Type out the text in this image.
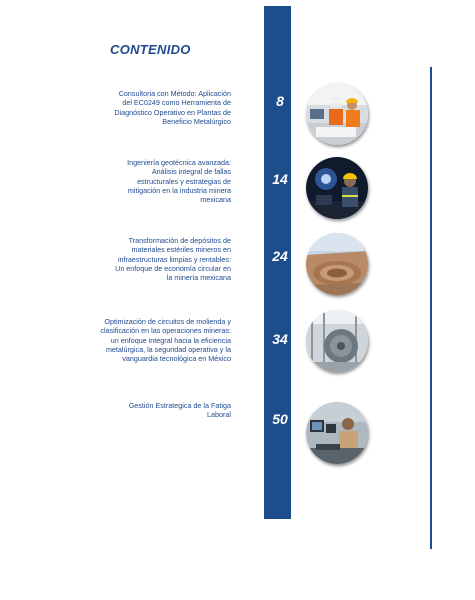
CONTENIDO
Consultoria con Método: Aplicación
del EC0249 como Herramienta de
Diagnóstico Operativo en Plantas de
Beneficio Metalúrgico
8
Ingeniería geotécnica avanzada:
Análisis integral de fallas
estructurales y estrategias de
mitigación en la industria minera
mexicana
14
Transformación de depósitos de
materiales estériles mineros en
infraestructuras limpias y rentables:
Un enfoque de economía circular en
la minería mexicana
24
Optimización de circuitos de molienda y
clasificación en las operaciones mineras:
un enfoque integral hacia la eficiencia
metalúrgica, la seguridad operativa y la
vanguardia tecnológica en México
34
Gestión Estrategica de la Fatiga
Laboral	50
